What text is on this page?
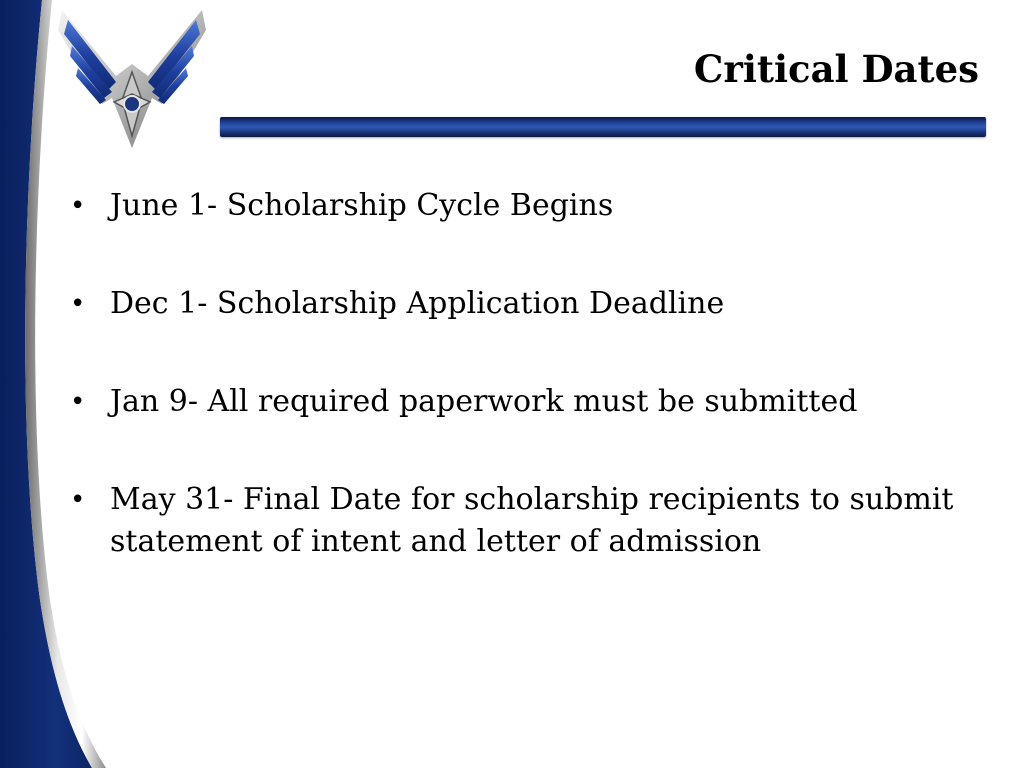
Critical Dates
• June 1- Scholarship Cycle Begins
• Dec 1- Scholarship Application Deadline
• Jan 9- All required paperwork must be submitted
• May 31- Final Date for scholarship recipients to submit statement of intent and letter of admission
